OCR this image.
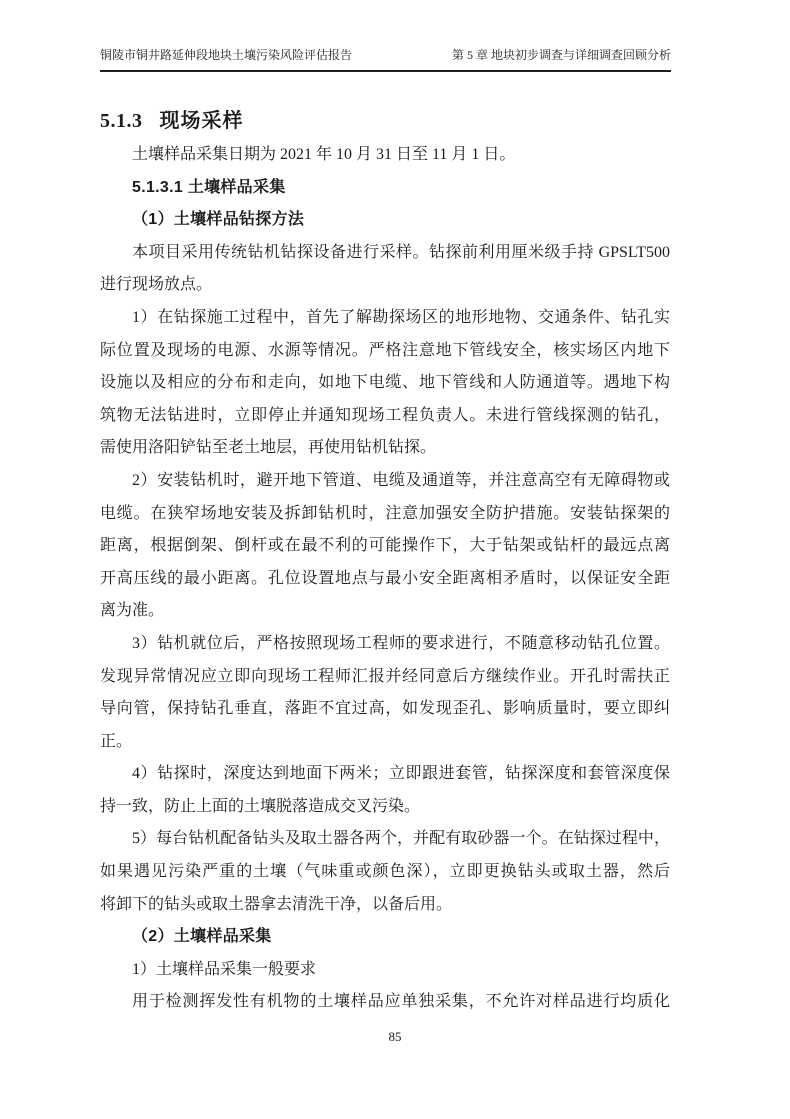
铜陵市铜井路延伸段地块土壤污染风险评估报告	第 5 章 地块初步调查与详细调查回顾分析
5.1.3 现场采样
土壤样品采集日期为 2021 年 10 月 31 日至 11 月 1 日。
5.1.3.1 土壤样品采集
（1）土壤样品钻探方法
本项目采用传统钻机钻探设备进行采样。钻探前利用厘米级手持 GPSLT500
进行现场放点。
1）在钻探施工过程中，首先了解勘探场区的地形地物、交通条件、钻孔实
际位置及现场的电源、水源等情况。严格注意地下管线安全，核实场区内地下
设施以及相应的分布和走向，如地下电缆、地下管线和人防通道等。遇地下构
筑物无法钻进时，立即停止并通知现场工程负责人。未进行管线探测的钻孔，
需使用洛阳铲钻至老土地层，再使用钻机钻探。
2）安装钻机时，避开地下管道、电缆及通道等，并注意高空有无障碍物或
电缆。在狭窄场地安装及拆卸钻机时，注意加强安全防护措施。安装钻探架的
距离，根据倒架、倒杆或在最不利的可能操作下，大于钻架或钻杆的最远点离
开高压线的最小距离。孔位设置地点与最小安全距离相矛盾时，以保证安全距
离为准。
3）钻机就位后，严格按照现场工程师的要求进行，不随意移动钻孔位置。
发现异常情况应立即向现场工程师汇报并经同意后方继续作业。开孔时需扶正
导向管，保持钻孔垂直，落距不宜过高，如发现歪孔、影响质量时，要立即纠
正。
4）钻探时，深度达到地面下两米；立即跟进套管，钻探深度和套管深度保
持一致，防止上面的土壤脱落造成交叉污染。
5）每台钻机配备钻头及取土器各两个，并配有取砂器一个。在钻探过程中，
如果遇见污染严重的土壤（气味重或颜色深），立即更换钻头或取土器，然后
将卸下的钻头或取土器拿去清洗干净，以备后用。
（2）土壤样品采集
1）土壤样品采集一般要求
用于检测挥发性有机物的土壤样品应单独采集，不允许对样品进行均质化
85
